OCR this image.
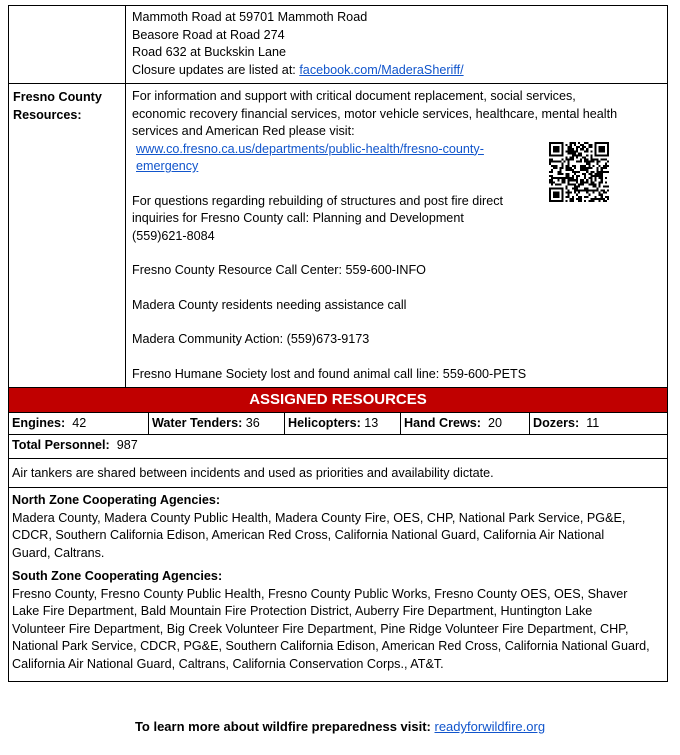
Mammoth Road at 59701 Mammoth Road
Beasore Road at Road 274
Road 632 at Buckskin Lane
Closure updates are listed at: facebook.com/MaderaSheriff/
Fresno County
Resources:
For information and support with critical document replacement, social services,
economic recovery financial services, motor vehicle services, healthcare, mental health
services and American Red please visit:
www.co.fresno.ca.us/departments/public-health/fresno-county-
emergency
For questions regarding rebuilding of structures and post fire direct
inquiries for Fresno County call: Planning and Development
(559)621-8084
Fresno County Resource Call Center: 559-600-INFO
Madera County residents needing assistance call
Madera Community Action: (559)673-9173
Fresno Humane Society lost and found animal call line: 559-600-PETS
ASSIGNED RESOURCES
Engines: 42	Water Tenders: 36	Helicopters: 13	Hand Crews: 20	Dozers: 11
Total Personnel: 987
Air tankers are shared between incidents and used as priorities and availability dictate.
North Zone Cooperating Agencies:
Madera County, Madera County Public Health, Madera County Fire, OES, CHP, National Park Service, PG&E,
CDCR, Southern California Edison, American Red Cross, California National Guard, California Air National
Guard, Caltrans.
South Zone Cooperating Agencies:
Fresno County, Fresno County Public Health, Fresno County Public Works, Fresno County OES, OES, Shaver
Lake Fire Department, Bald Mountain Fire Protection District, Auberry Fire Department, Huntington Lake
Volunteer Fire Department, Big Creek Volunteer Fire Department, Pine Ridge Volunteer Fire Department, CHP,
National Park Service, CDCR, PG&E, Southern California Edison, American Red Cross, California National Guard,
California Air National Guard, Caltrans, California Conservation Corps., AT&T.
To learn more about wildfire preparedness visit: readyforwildfire.org
